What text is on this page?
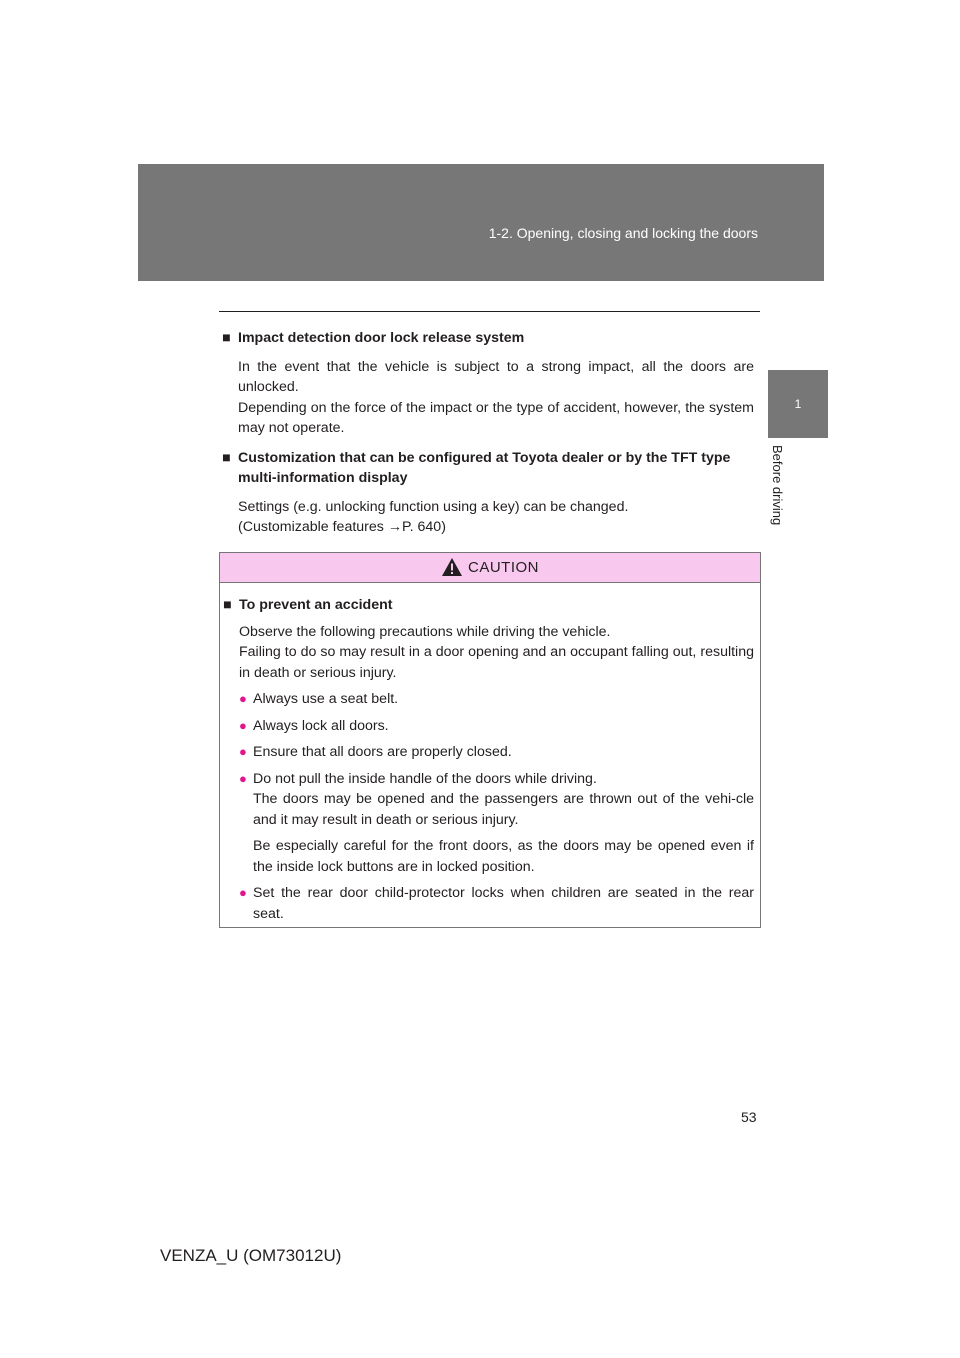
1-2. Opening, closing and locking the doors
1
Before driving
■ Impact detection door lock release system
In the event that the vehicle is subject to a strong impact, all the doors are unlocked.
Depending on the force of the impact or the type of accident, however, the system may not operate.
■ Customization that can be configured at Toyota dealer or by the TFT type multi-information display
Settings (e.g. unlocking function using a key) can be changed.
(Customizable features →P. 640)
CAUTION
■ To prevent an accident
Observe the following precautions while driving the vehicle.
Failing to do so may result in a door opening and an occupant falling out, resulting in death or serious injury.
● Always use a seat belt.
● Always lock all doors.
● Ensure that all doors are properly closed.
● Do not pull the inside handle of the doors while driving.
The doors may be opened and the passengers are thrown out of the vehi-cle and it may result in death or serious injury.
Be especially careful for the front doors, as the doors may be opened even if the inside lock buttons are in locked position.
● Set the rear door child-protector locks when children are seated in the rear seat.
53
VENZA_U (OM73012U)
